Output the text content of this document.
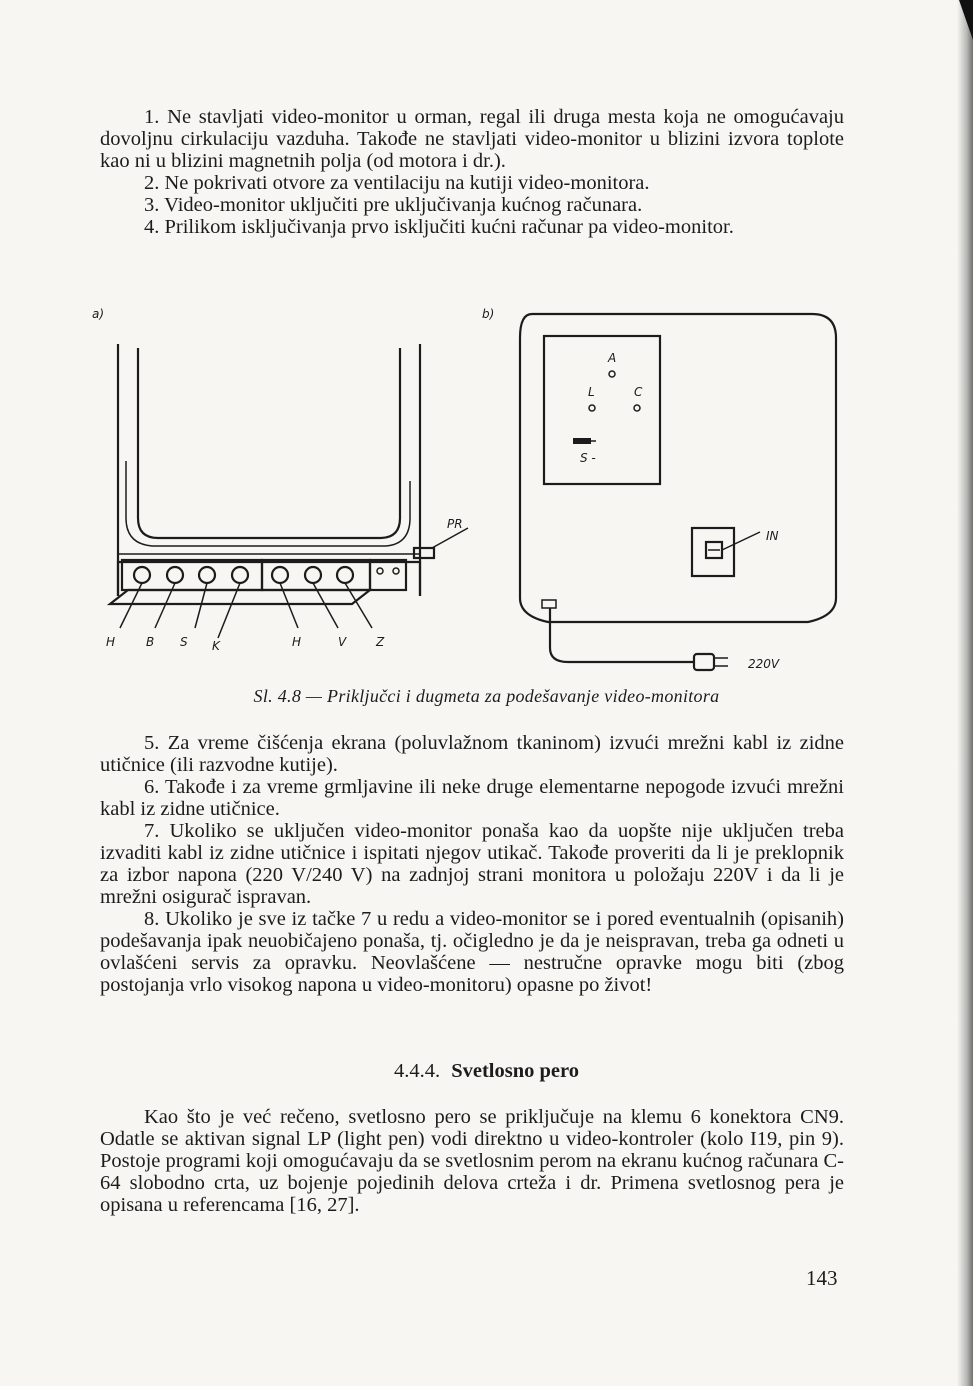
1. Ne stavljati video-monitor u orman, regal ili druga mesta koja ne omogućavaju dovoljnu cirkulaciju vazduha. Takođe ne stavljati video-monitor u blizini izvora toplote kao ni u blizini magnetnih polja (od motora i dr.).

2. Ne pokrivati otvore za ventilaciju na kutiji video-monitora.

3. Video-monitor uključiti pre uključivanja kućnog računara.

4. Prilikom isključivanja prvo isključiti kućni računar pa video-monitor.

a)
PR
H	B S K	H	V Z
b)
A
L	C
S -
IN
220V
Sl. 4.8 — Priključci i dugmeta za podešavanje video-monitora

5. Za vreme čišćenja ekrana (poluvlažnom tkaninom) izvući mrežni kabl iz zidne utičnice (ili razvodne kutije).

6. Takođe i za vreme grmljavine ili neke druge elementarne nepogode izvući mrežni kabl iz zidne utičnice.

7. Ukoliko se uključen video-monitor ponaša kao da uopšte nije uključen treba izvaditi kabl iz zidne utičnice i ispitati njegov utikač. Takođe proveriti da li je preklopnik za izbor napona (220 V/240 V) na zadnjoj strani monitora u položaju 220V i da li je mrežni osigurač ispravan.

8. Ukoliko je sve iz tačke 7 u redu a video-monitor se i pored eventualnih (opisanih) podešavanja ipak neuobičajeno ponaša, tj. očigledno je da je neispravan, treba ga odneti u ovlašćeni servis za opravku. Neovlašćene — nestručne opravke mogu biti (zbog postojanja vrlo visokog napona u video-monitoru) opasne po život!

4.4.4. Svetlosno pero

Kao što je već rečeno, svetlosno pero se priključuje na klemu 6 konektora CN9. Odatle se aktivan signal LP (light pen) vodi direktno u video-kontroler (kolo I19, pin 9). Postoje programi koji omogućavaju da se svetlosnim perom na ekranu kućnog računara C-64 slobodno crta, uz bojenje pojedinih delova crteža i dr. Primena svetlosnog pera je opisana u referencama [16, 27].

143
